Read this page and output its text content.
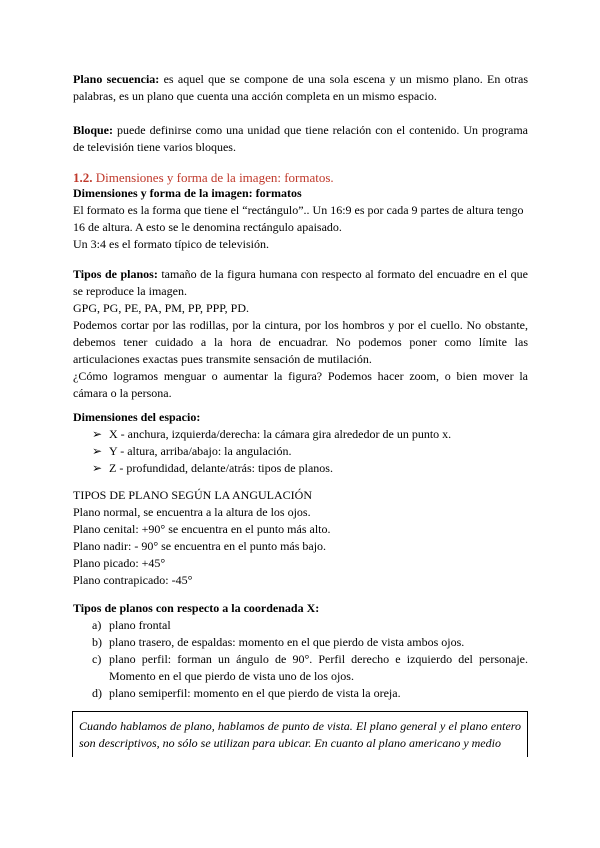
Plano secuencia: es aquel que se compone de una sola escena y un mismo plano. En otras palabras, es un plano que cuenta una acción completa en un mismo espacio.
Bloque: puede definirse como una unidad que tiene relación con el contenido. Un programa de televisión tiene varios bloques.
1.2. Dimensiones y forma de la imagen: formatos.

Dimensiones y forma de la imagen: formatos

El formato es la forma que tiene el “rectángulo”.. Un 16:9 es por cada 9 partes de altura tengo 16 de altura. A esto se le denomina rectángulo apaisado.

Un 3:4 es el formato típico de televisión.

Tipos de planos: tamaño de la figura humana con respecto al formato del encuadre en el que se reproduce la imagen.

GPG, PG, PE, PA, PM, PP, PPP, PD.

Podemos cortar por las rodillas, por la cintura, por los hombros y por el cuello. No obstante, debemos tener cuidado a la hora de encuadrar. No podemos poner como límite las articulaciones exactas pues transmite sensación de mutilación.

¿Cómo logramos menguar o aumentar la figura? Podemos hacer zoom, o bien mover la cámara o la persona.

Dimensiones del espacio:
➢ X - anchura, izquierda/derecha: la cámara gira alrededor de un punto x.
➢ Y - altura, arriba/abajo: la angulación.
➢ Z - profundidad, delante/atrás: tipos de planos.

TIPOS DE PLANO SEGÚN LA ANGULACIÓN

Plano normal, se encuentra a la altura de los ojos.

Plano cenital: +90° se encuentra en el punto más alto.

Plano nadir: - 90° se encuentra en el punto más bajo.

Plano picado: +45°

Plano contrapicado: -45°

Tipos de planos con respecto a la coordenada X:
a) plano frontal
b) plano trasero, de espaldas: momento en el que pierdo de vista ambos ojos.
c) plano perfil: forman un ángulo de 90°. Perfil derecho e izquierdo del personaje. Momento en el que pierdo de vista uno de los ojos.
d) plano semiperfil: momento en el que pierdo de vista la oreja.
Cuando hablamos de plano, hablamos de punto de vista. El plano general y el plano entero son descriptivos, no sólo se utilizan para ubicar. En cuanto al plano americano y medio
